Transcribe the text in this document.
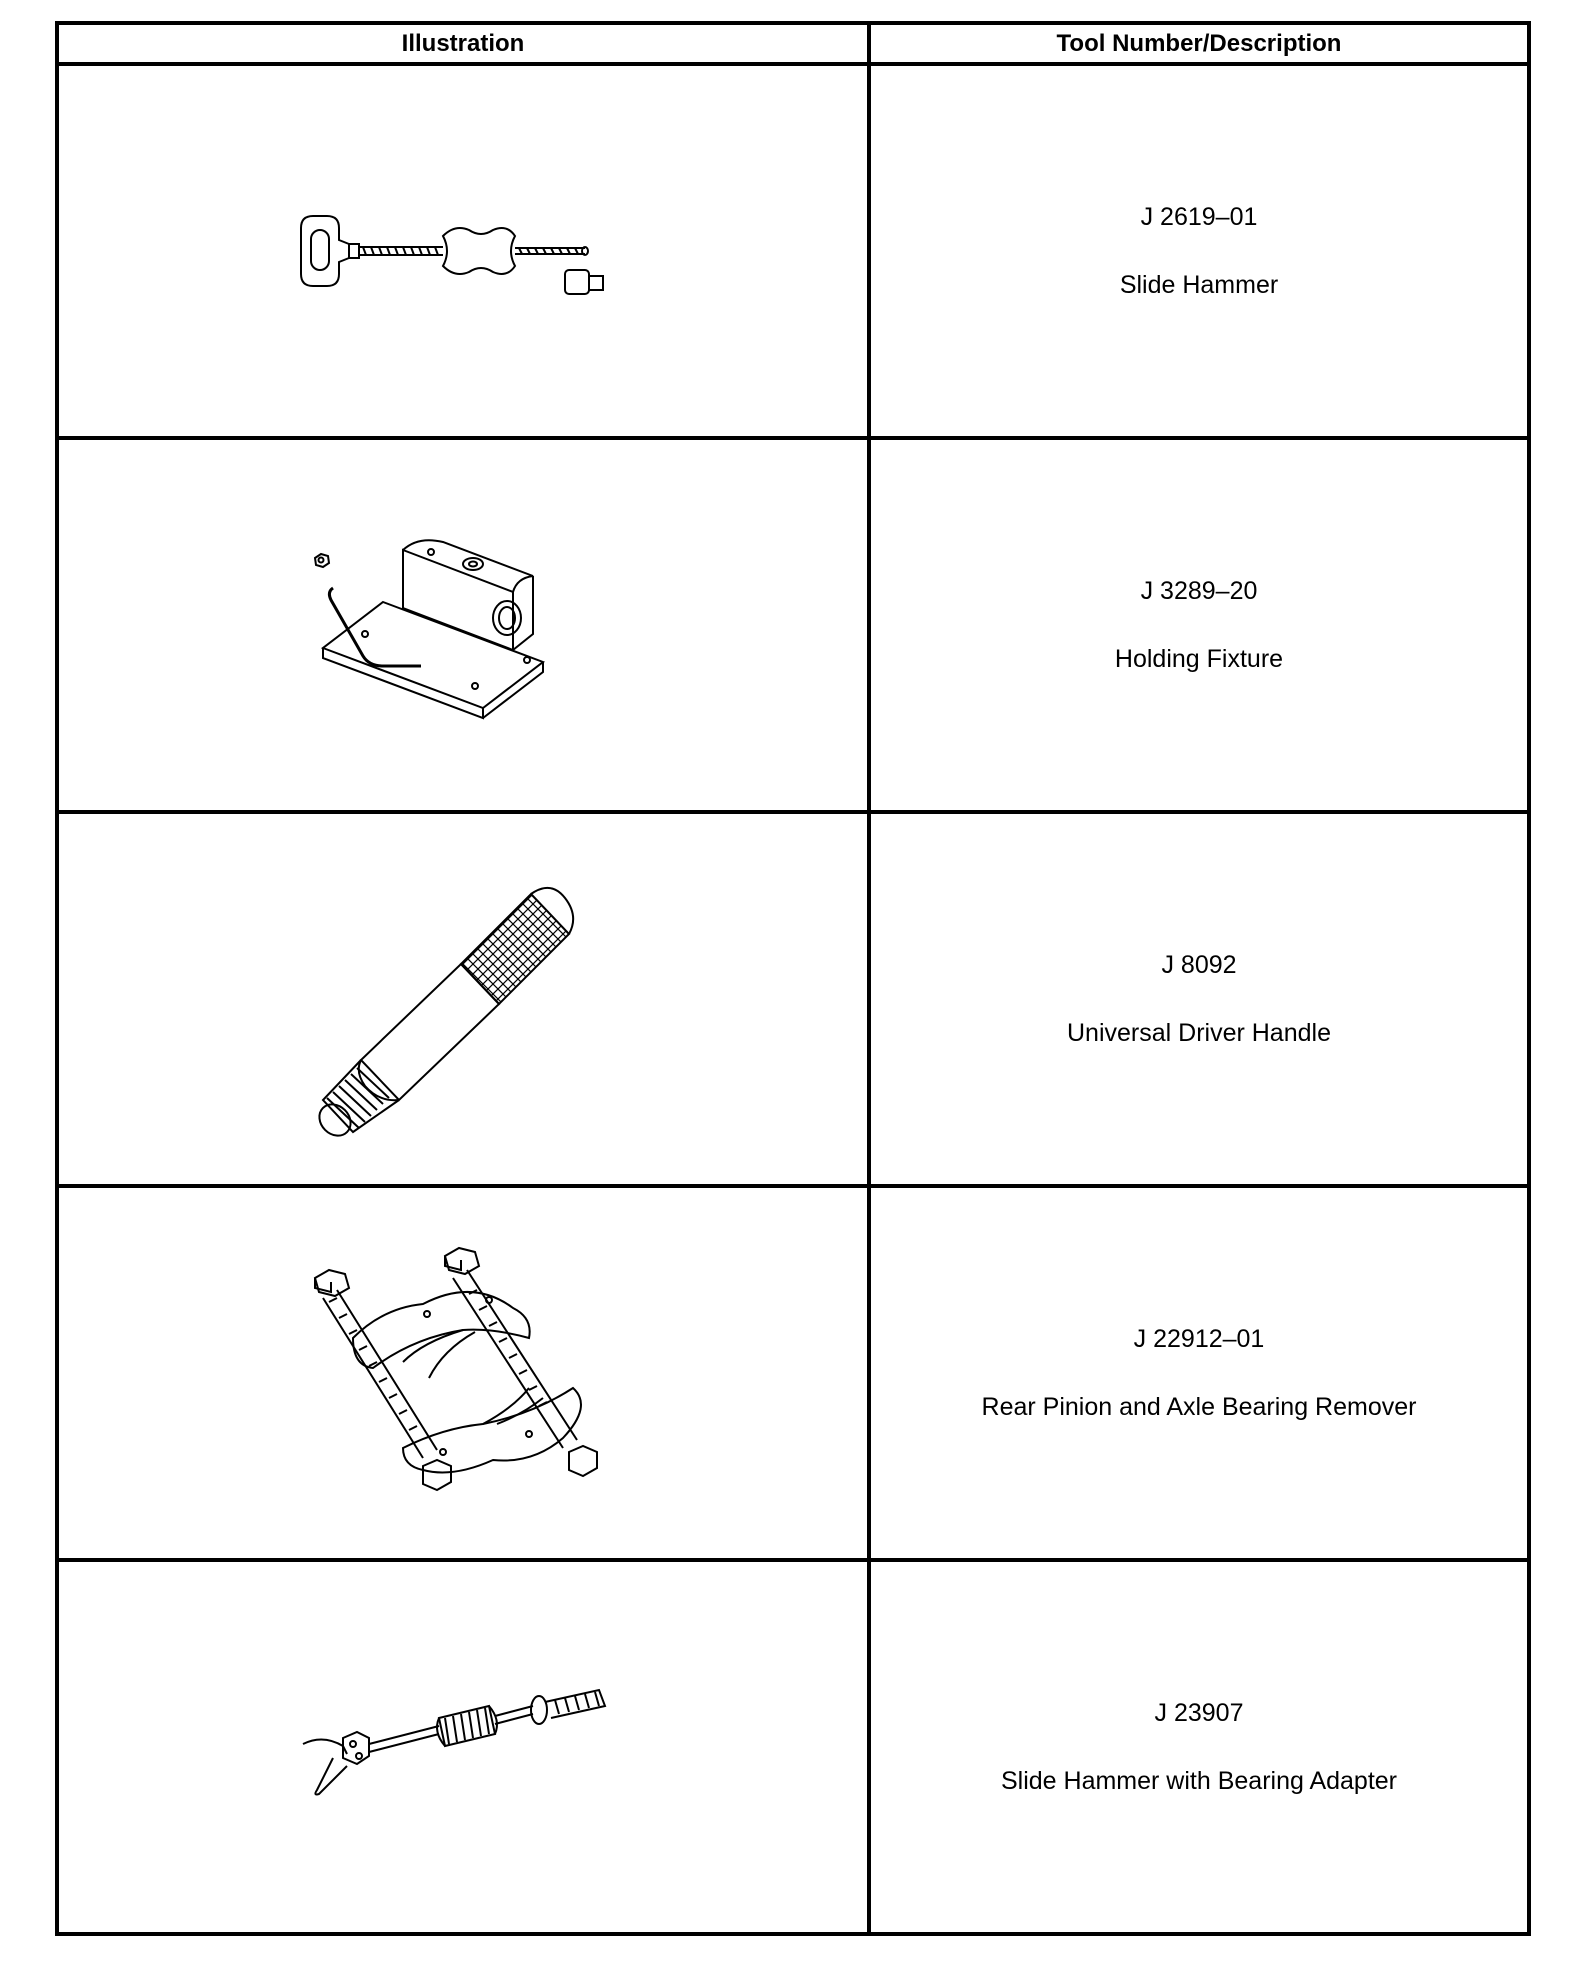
Illustration	Tool Number/Description

J 2619–01
Slide Hammer

J 3289–20
Holding Fixture

J 8092
Universal Driver Handle

J 22912–01
Rear Pinion and Axle Bearing Remover

J 23907
Slide Hammer with Bearing Adapter
